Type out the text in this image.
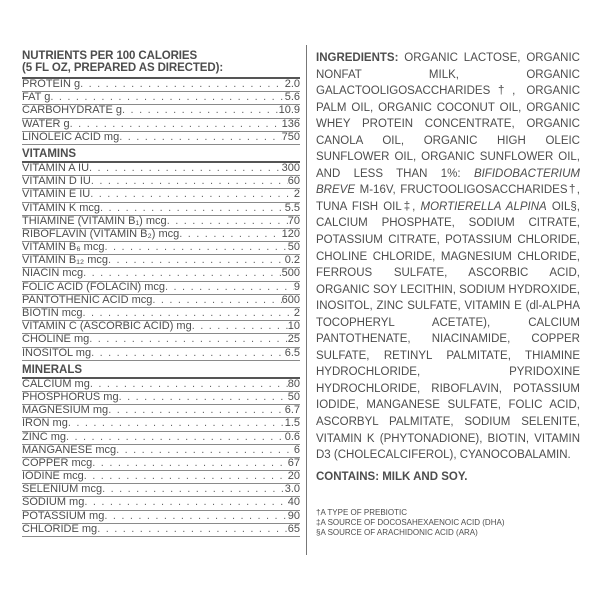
NUTRIENTS PER 100 CALORIES
(5 FL OZ, PREPARED AS DIRECTED):
PROTEIN g . . .	2.0
FAT g . . .	5.6
CARBOHYDRATE g . . .	10.9
WATER g . . .	136
LINOLEIC ACID mg . . .	750
VITAMINS
VITAMIN A IU . . .	300
VITAMIN D IU . . .	60
VITAMIN E IU . . .	2
VITAMIN K mcg . . .	5.5
THIAMINE (VITAMIN B₁) mcg . . .	70
RIBOFLAVIN (VITAMIN B₂) mcg . . .	120
VITAMIN B₆ mcg . . .	50
VITAMIN B₁₂ mcg . . .	0.2
NIACIN mcg . . .	500
FOLIC ACID (FOLACIN) mcg . . .	9
PANTOTHENIC ACID mcg . . .	600
BIOTIN mcg . . .	2
VITAMIN C (ASCORBIC ACID) mg . . .	10
CHOLINE mg . . .	25
INOSITOL mg . . .	6.5
MINERALS
CALCIUM mg . . .	80
PHOSPHORUS mg . . .	50
MAGNESIUM mg . . .	6.7
IRON mg . . .	1.5
ZINC mg . . .	0.6
MANGANESE mcg . . .	6
COPPER mcg . . .	67
IODINE mcg . . .	20
SELENIUM mcg . . .	3.0
SODIUM mg . . .	40
POTASSIUM mg . . .	90
CHLORIDE mg . . .	65

INGREDIENTS: ORGANIC LACTOSE, ORGANIC NONFAT MILK, ORGANIC GALACTOOLIGOSACCHARIDES†, ORGANIC PALM OIL, ORGANIC COCONUT OIL, ORGANIC WHEY PROTEIN CONCENTRATE, ORGANIC CANOLA OIL, ORGANIC HIGH OLEIC SUNFLOWER OIL, ORGANIC SUNFLOWER OIL, AND LESS THAN 1%: BIFIDOBACTERIUM BREVE M-16V, FRUCTOOLIGOSACCHARIDES†, TUNA FISH OIL‡, MORTIERELLA ALPINA OIL§, CALCIUM PHOSPHATE, SODIUM CITRATE, POTASSIUM CITRATE, POTASSIUM CHLORIDE, CHOLINE CHLORIDE, MAGNESIUM CHLORIDE, FERROUS SULFATE, ASCORBIC ACID, ORGANIC SOY LECITHIN, SODIUM HYDROXIDE, INOSITOL, ZINC SULFATE, VITAMIN E (dl-ALPHA TOCOPHERYL ACETATE), CALCIUM PANTOTHENATE, NIACINAMIDE, COPPER SULFATE, RETINYL PALMITATE, THIAMINE HYDROCHLORIDE, PYRIDOXINE HYDROCHLORIDE, RIBOFLAVIN, POTASSIUM IODIDE, MANGANESE SULFATE, FOLIC ACID, ASCORBYL PALMITATE, SODIUM SELENITE, VITAMIN K (PHYTONADIONE), BIOTIN, VITAMIN D3 (CHOLECALCIFEROL), CYANOCOBALAMIN.

CONTAINS: MILK AND SOY.
†A TYPE OF PREBIOTIC
‡A SOURCE OF DOCOSAHEXAENOIC ACID (DHA)
§A SOURCE OF ARACHIDONIC ACID (ARA)
